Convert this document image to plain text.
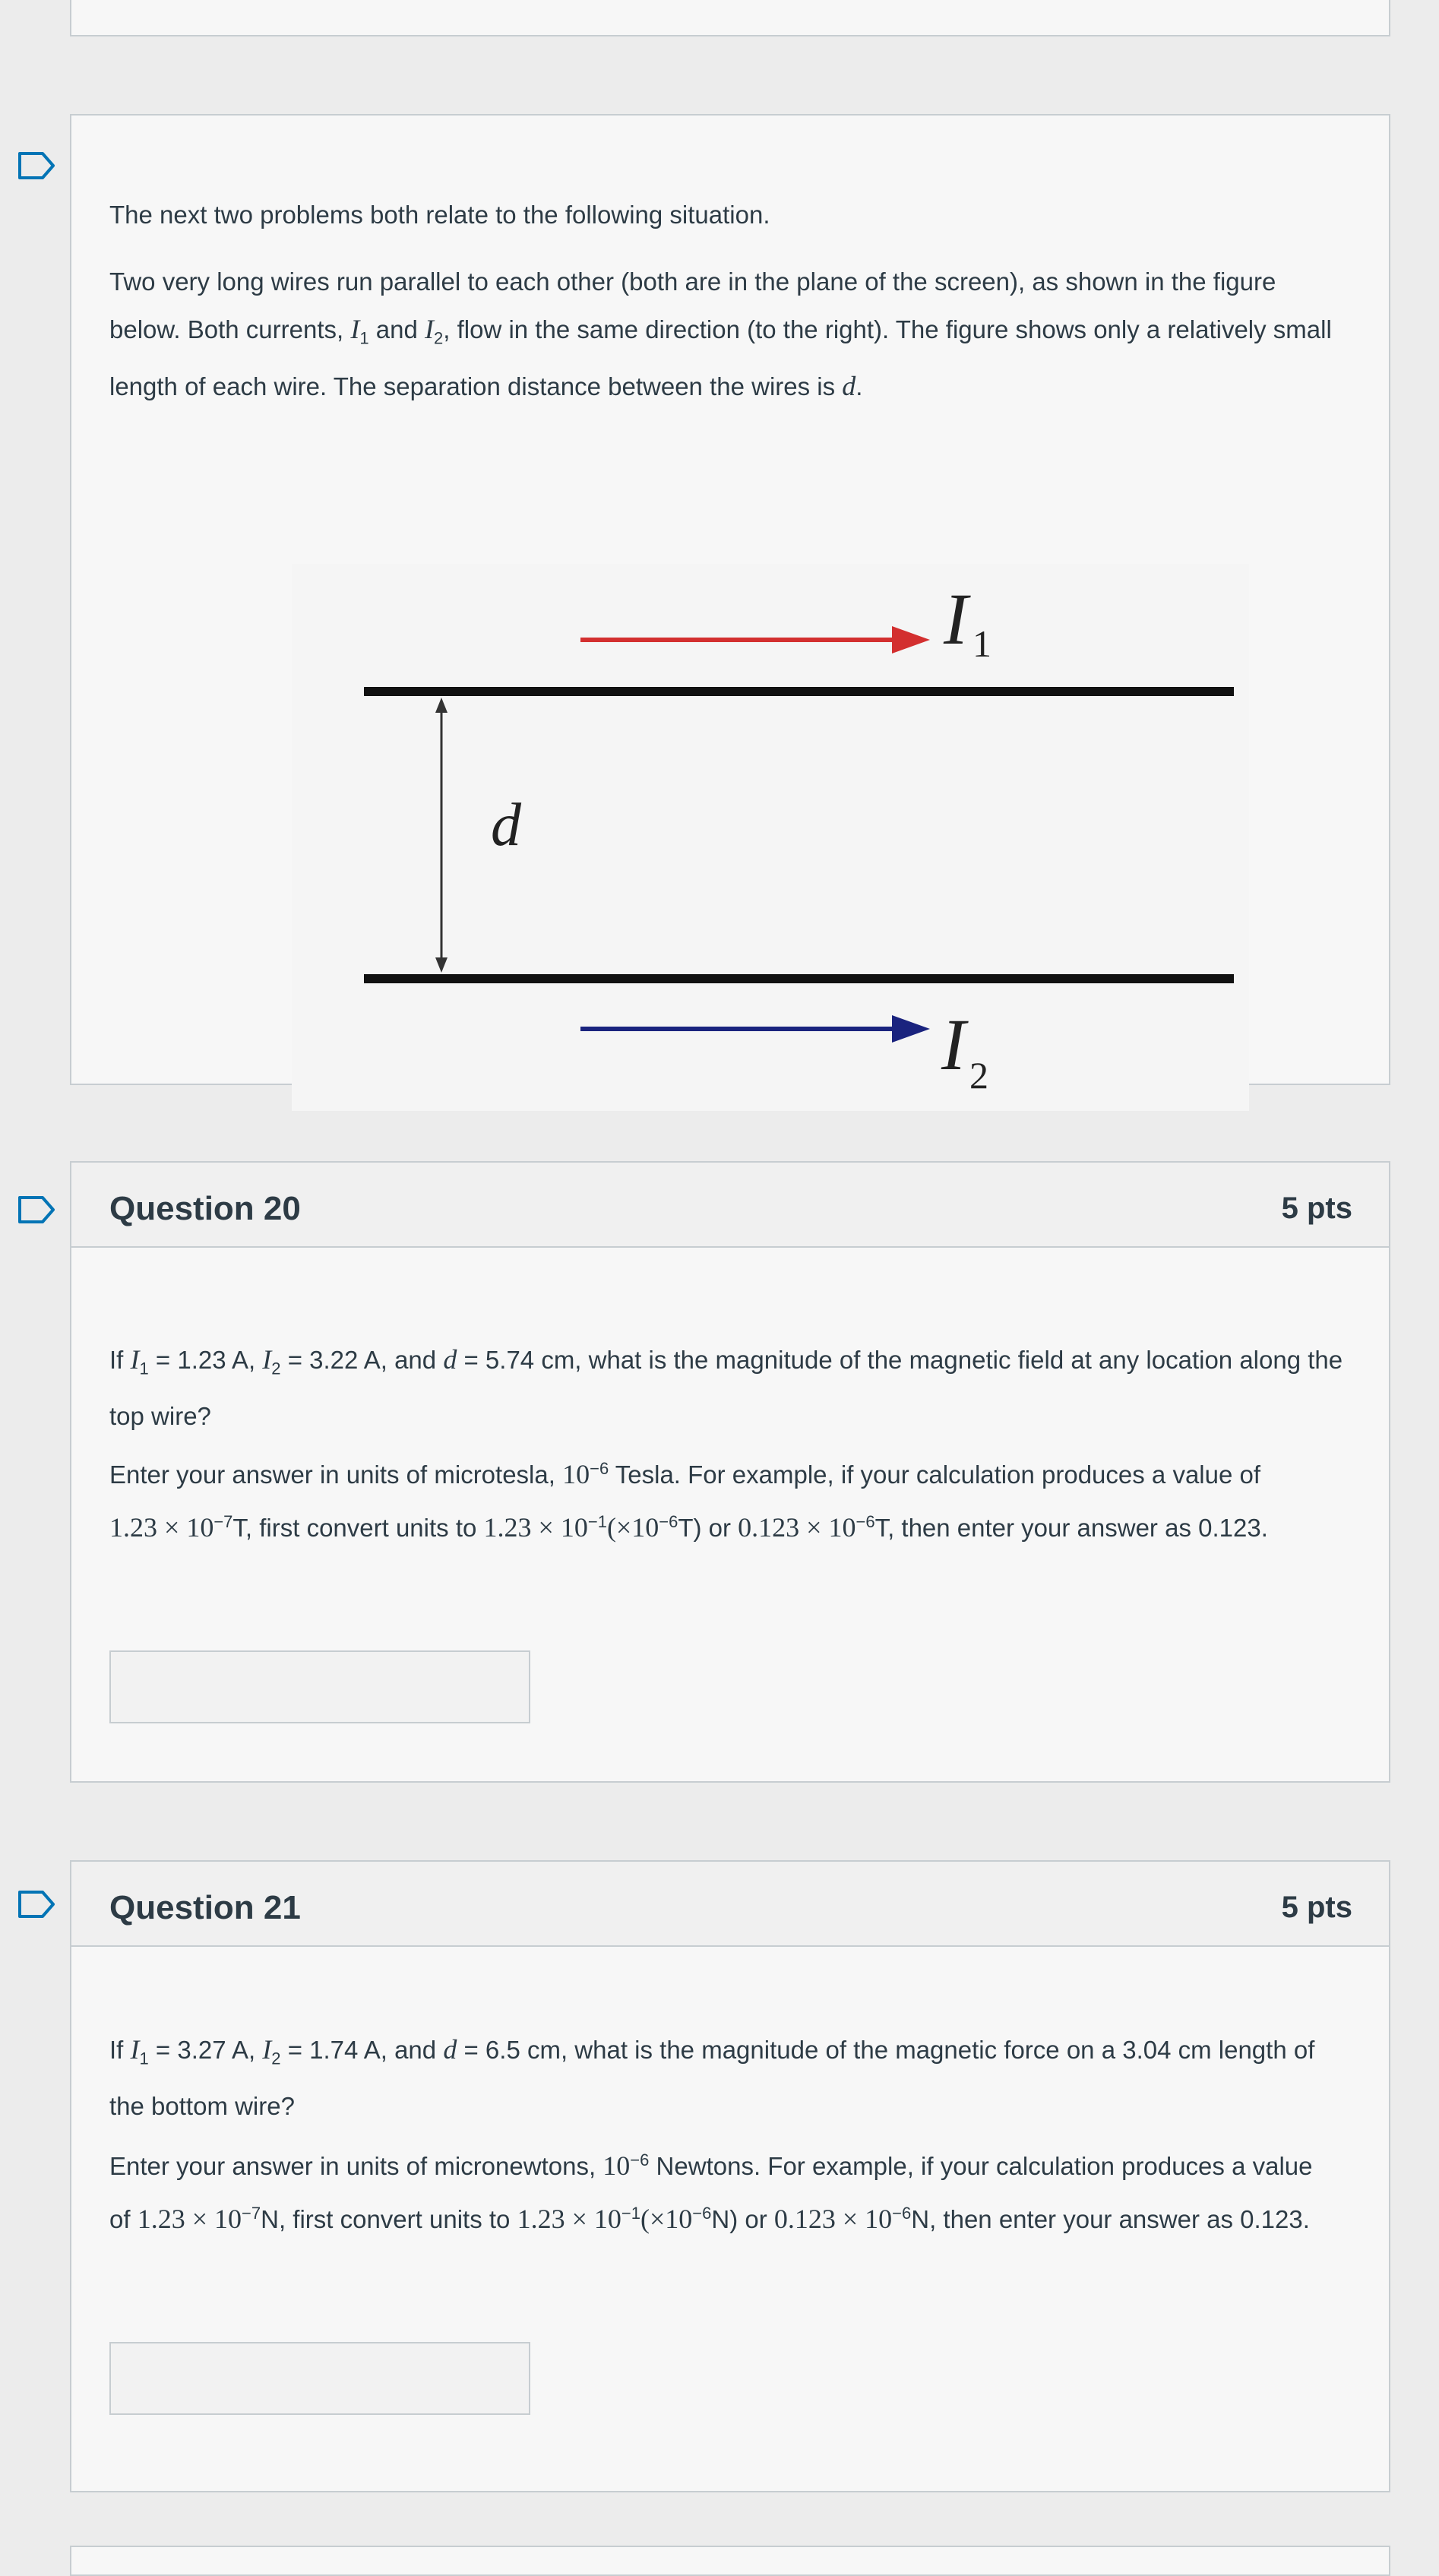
The next two problems both relate to the following situation.
Two very long wires run parallel to each other (both are in the plane of the screen), as shown in the figure below. Both currents, $I_1$ and $I_2$, flow in the same direction (to the right). The figure shows only a relatively small length of each wire. The separation distance between the wires is d.
d
I 1
I 2
Question 20	5 pts
If $I_1 = 1.23$ A, $I_2 = 3.22$ A, and d = 5.74 cm, what is the magnitude of the magnetic field at any location along the top wire?
Enter your answer in units of microtesla, $10^{-6}$ Tesla. For example, if your calculation produces a value of $1.23 \times 10^{-7}T$, first convert units to $1.23 \times 10^{-1}(\times 10^{-6}T)$ or $0.123 \times 10^{-6}T$, then enter your answer as 0.123.
Question 21	5 pts
If $I_1 = 3.27$ A, $I_2 = 1.74$ A, and d = 6.5 cm, what is the magnitude of the magnetic force on a 3.04 cm length of the bottom wire?
Enter your answer in units of micronewtons, $10^{-6}$ Newtons. For example, if your calculation produces a value of $1.23 \times 10^{-7}N$, first convert units to $1.23 \times 10^{-1}(\times 10^{-6}N)$ or $0.123 \times 10^{-6}N$, then enter your answer as 0.123.
